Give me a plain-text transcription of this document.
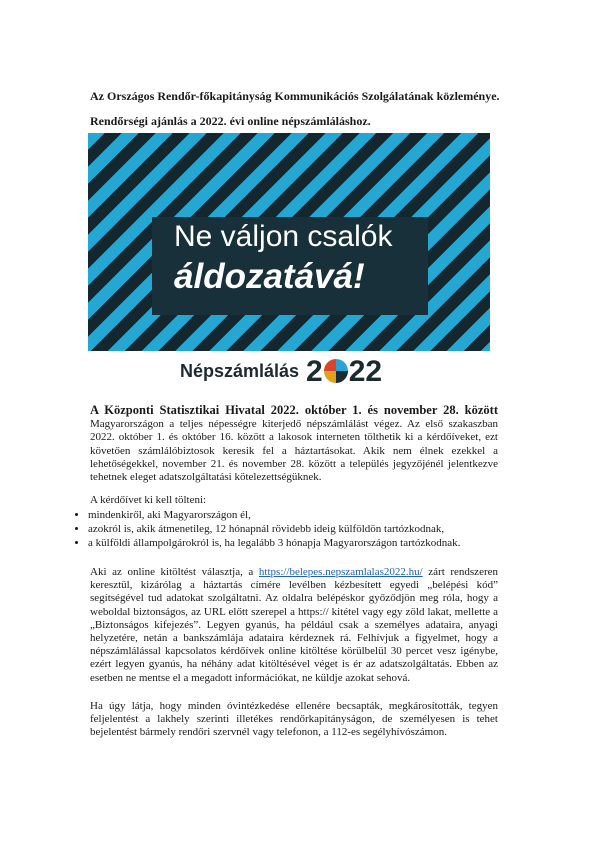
Az Országos Rendőr-főkapitányság Kommunikációs Szolgálatának közleménye.

Rendőrségi ajánlás a 2022. évi online népszámláláshoz.

Ne váljon csalók
áldozatává!
Népszámlálás 2 22

A Központi Statisztikai Hivatal 2022. október 1. és november 28. között Magyarországon a teljes népességre kiterjedő népszámlálást végez. Az első szakaszban 2022. október 1. és október 16. között a lakosok interneten tölthetik ki a kérdőíveket, ezt követően számlálóbiztosok keresik fel a háztartásokat. Akik nem élnek ezekkel a lehetőségekkel, november 21. és november 28. között a település jegyzőjénél jelentkezve tehetnek eleget adatszolgáltatási kötelezettségüknek.

A kérdőívet ki kell tölteni:

• mindenkiről, aki Magyarországon él,
• azokról is, akik átmenetileg, 12 hónapnál rövidebb ideig külföldön tartózkodnak,
• a külföldi állampolgárokról is, ha legalább 3 hónapja Magyarországon tartózkodnak.

Aki az online kitöltést választja, a https://belepes.nepszamlalas2022.hu/ zárt rendszeren keresztül, kizárólag a háztartás címére levélben kézbesített egyedi „belépési kód” segítségével tud adatokat szolgáltatni. Az oldalra belépéskor győződjön meg róla, hogy a weboldal biztonságos, az URL előtt szerepel a https:// kitétel vagy egy zöld lakat, mellette a „Biztonságos kifejezés”. Legyen gyanús, ha például csak a személyes adataira, anyagi helyzetére, netán a bankszámlája adataira kérdeznek rá. Felhívjuk a figyelmet, hogy a népszámlálással kapcsolatos kérdőívek online kitöltése körülbelül 30 percet vesz igénybe, ezért legyen gyanús, ha néhány adat kitöltésével véget is ér az adatszolgáltatás. Ebben az esetben ne mentse el a megadott információkat, ne küldje azokat sehová.

Ha úgy látja, hogy minden óvintézkedése ellenére becsapták, megkárosították, tegyen feljelentést a lakhely szerinti illetékes rendőrkapitányságon, de személyesen is tehet bejelentést bármely rendőri szervnél vagy telefonon, a 112-es segélyhívószámon.
